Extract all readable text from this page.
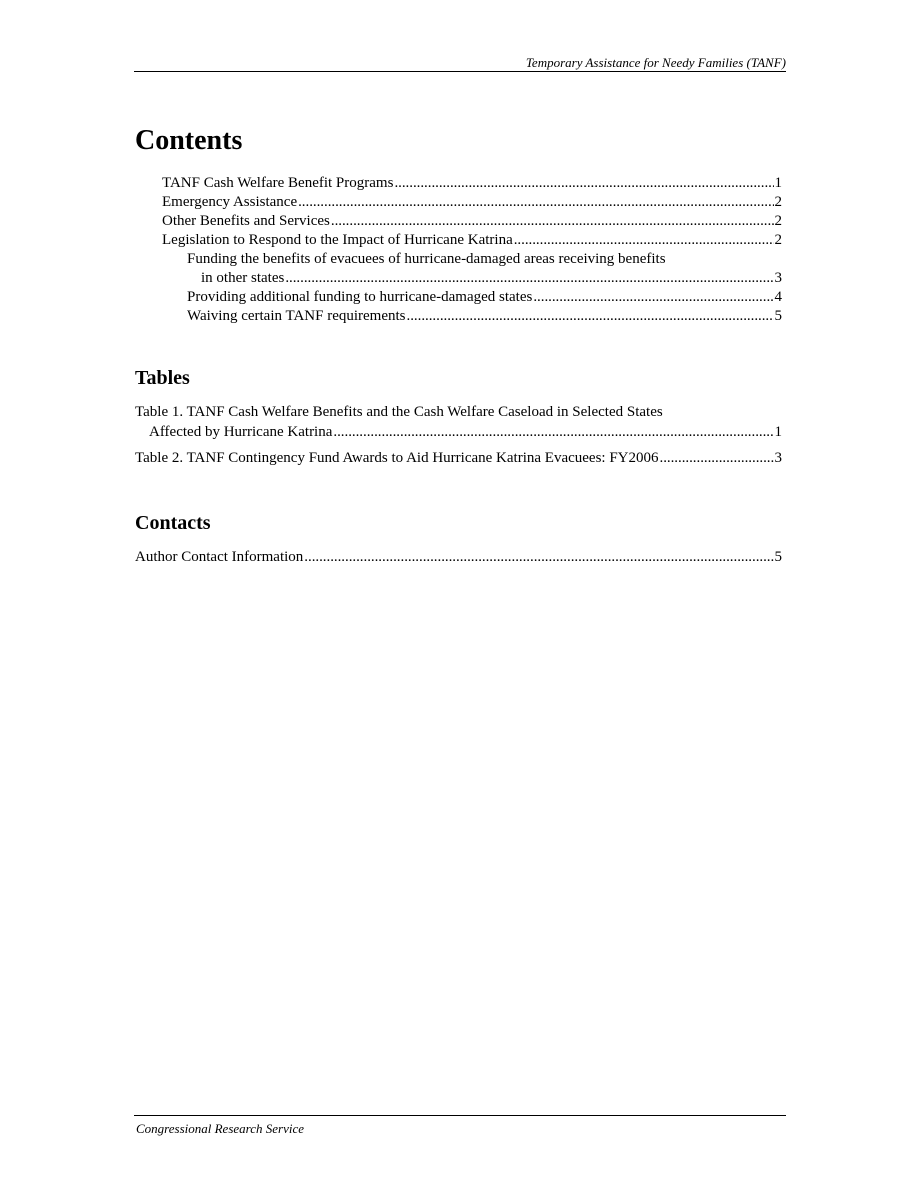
Temporary Assistance for Needy Families (TANF)
Contents
TANF Cash Welfare Benefit Programs . . .	1
Emergency Assistance . . .	2
Other Benefits and Services . . .	2
Legislation to Respond to the Impact of Hurricane Katrina . . .	2
Funding the benefits of evacuees of hurricane-damaged areas receiving benefits
in other states . . .	3
Providing additional funding to hurricane-damaged states . . .	4
Waiving certain TANF requirements . . .	5
Tables
Table 1. TANF Cash Welfare Benefits and the Cash Welfare Caseload in Selected States
Affected by Hurricane Katrina . . .	1
Table 2. TANF Contingency Fund Awards to Aid Hurricane Katrina Evacuees: FY2006 . . .	3
Contacts
Author Contact Information . . .	5
Congressional Research Service
